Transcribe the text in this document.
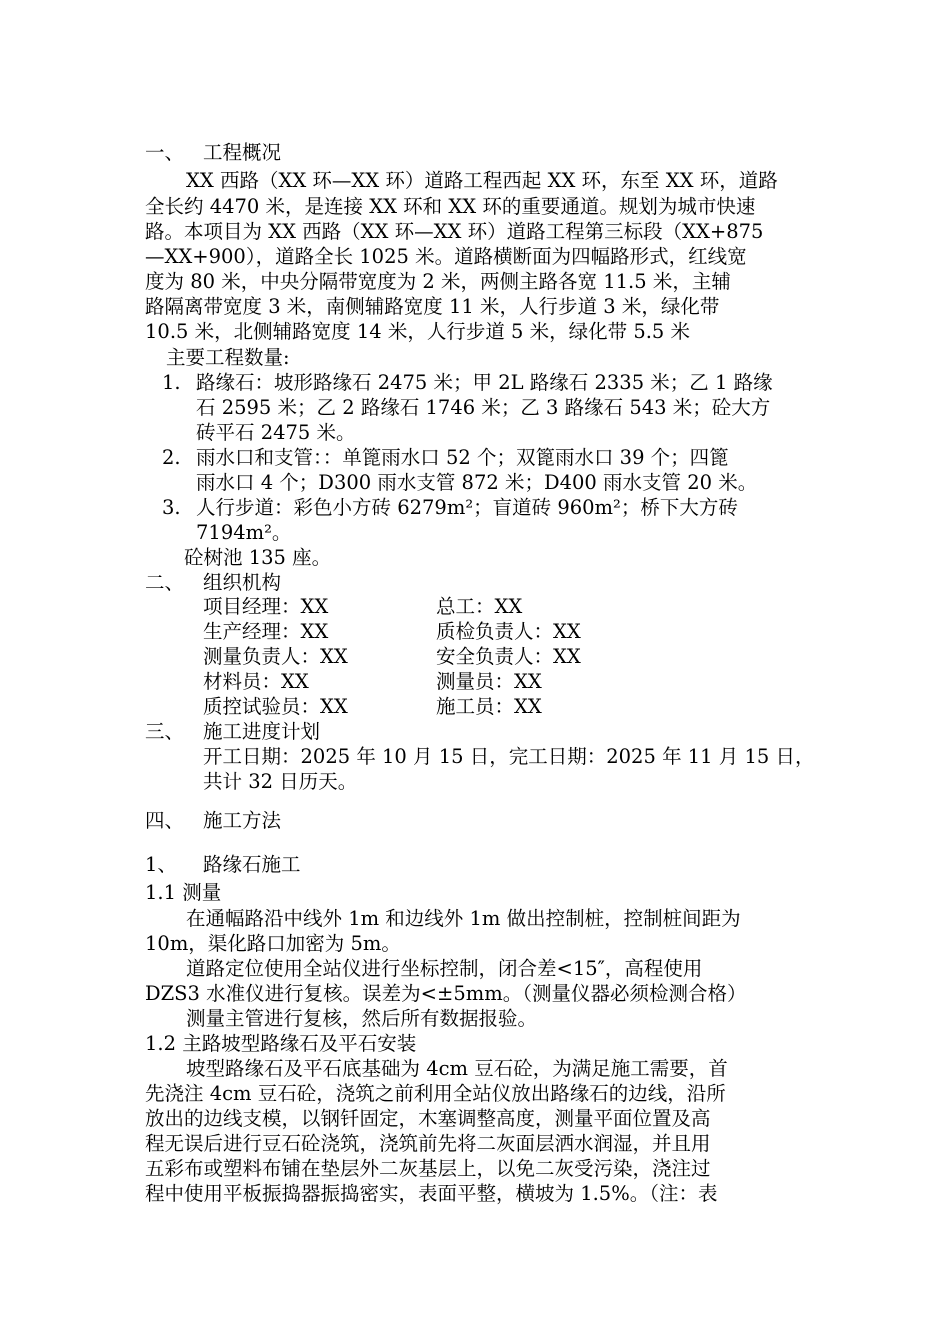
一、 工程概况
XX 西路（XX 环—XX 环）道路工程西起 XX 环，东至 XX 环，道路
全长约 4470 米，是连接 XX 环和 XX 环的重要通道。规划为城市快速
路。本项目为 XX 西路（XX 环—XX 环）道路工程第三标段（XX+875
—XX+900），道路全长 1025 米。道路横断面为四幅路形式，红线宽
度为 80 米，中央分隔带宽度为 2 米，两侧主路各宽 11.5 米，主辅
路隔离带宽度 3 米，南侧辅路宽度 11 米，人行步道 3 米，绿化带
10.5 米，北侧辅路宽度 14 米，人行步道 5 米，绿化带 5.5 米
主要工程数量:
1. 路缘石：坡形路缘石 2475 米；甲 2L 路缘石 2335 米；乙 1 路缘
石 2595 米；乙 2 路缘石 1746 米；乙 3 路缘石 543 米；砼大方
砖平石 2475 米。
2. 雨水口和支管：：单篦雨水口 52 个；双篦雨水口 39 个；四篦
雨水口 4 个；D300 雨水支管 872 米；D400 雨水支管 20 米。
3. 人行步道：彩色小方砖 6279m²；盲道砖 960m²；桥下大方砖
7194m²。
砼树池 135 座。
二、 组织机构
项目经理：XX	总工：XX
生产经理：XX	质检负责人：XX
测量负责人：XX	安全负责人：XX
材料员：XX	测量员：XX
质控试验员：XX	施工员：XX
三、 施工进度计划
开工日期：2025 年 10 月 15 日，完工日期：2025 年 11 月 15 日，
共计 32 日历天。
四、 施工方法
1、 路缘石施工
1.1 测量
在通幅路沿中线外 1m 和边线外 1m 做出控制桩，控制桩间距为
10m，渠化路口加密为 5m。
道路定位使用全站仪进行坐标控制，闭合差<15″，高程使用
DZS3 水准仪进行复核。误差为<±5mm。（测量仪器必须检测合格）
测量主管进行复核，然后所有数据报验。
1.2 主路坡型路缘石及平石安装
坡型路缘石及平石底基础为 4cm 豆石砼，为满足施工需要，首
先浇注 4cm 豆石砼，浇筑之前利用全站仪放出路缘石的边线，沿所
放出的边线支模，以钢钎固定，木塞调整高度，测量平面位置及高
程无误后进行豆石砼浇筑，浇筑前先将二灰面层洒水润湿，并且用
五彩布或塑料布铺在垫层外二灰基层上，以免二灰受污染，浇注过
程中使用平板振捣器振捣密实，表面平整，横坡为 1.5%。（注：表
